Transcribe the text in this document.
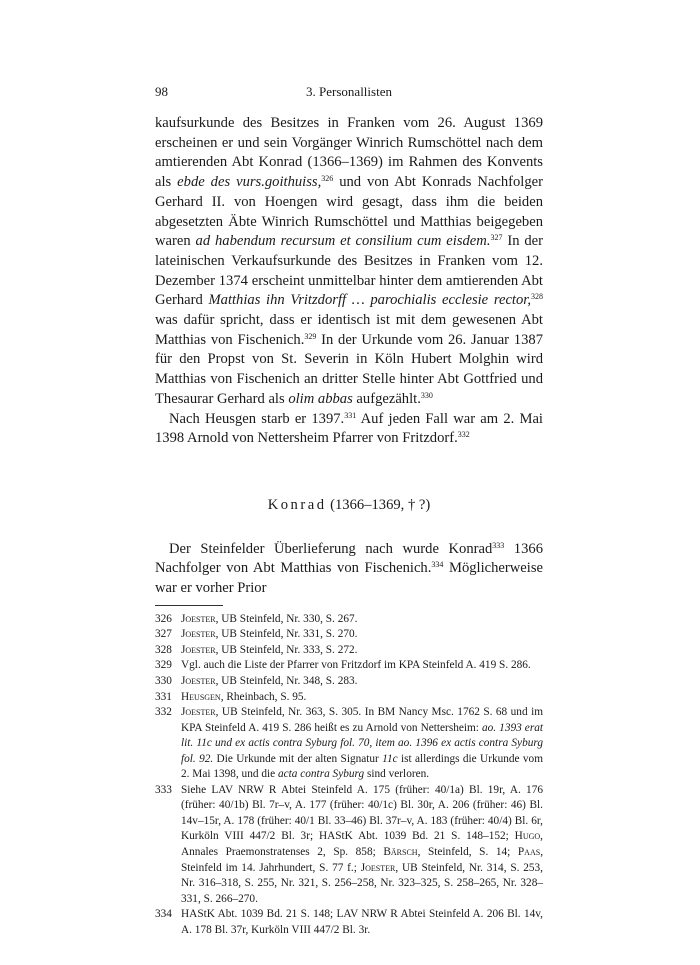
98	3. Personallisten

kaufsurkunde des Besitzes in Franken vom 26. August 1369 erscheinen er und sein Vorgänger Winrich Rumschöttel nach dem amtierenden Abt Konrad (1366–1369) im Rahmen des Konvents als ebde des vurs.goithuiss,$^{326}$ und von Abt Konrads Nachfolger Gerhard II. von Hoengen wird gesagt, dass ihm die beiden abgesetzten Äbte Winrich Rumschöttel und Matthias beigegeben waren ad habendum recursum et consilium cum eisdem.$^{327}$ In der lateinischen Verkaufsurkunde des Besitzes in Franken vom 12. Dezember 1374 erscheint unmittelbar hinter dem amtierenden Abt Gerhard Matthias ihn Vritzdorff … parochialis ecclesie rector,$^{328}$ was dafür spricht, dass er identisch ist mit dem gewesenen Abt Matthias von Fischenich.$^{329}$ In der Urkunde vom 26. Januar 1387 für den Propst von St. Severin in Köln Hubert Molghin wird Matthias von Fischenich an dritter Stelle hinter Abt Gottfried und Thesaurar Gerhard als olim abbas aufgezählt.$^{330}$

Nach Heusgen starb er 1397.$^{331}$ Auf jeden Fall war am 2. Mai 1398 Arnold von Nettersheim Pfarrer von Fritzdorf.$^{332}$

Konrad (1366–1369, † ?)

Der Steinfelder Überlieferung nach wurde Konrad$^{333}$ 1366 Nachfolger von Abt Matthias von Fischenich.$^{334}$ Möglicherweise war er vorher Prior

326 Joester, UB Steinfeld, Nr. 330, S. 267.
327 Joester, UB Steinfeld, Nr. 331, S. 270.
328 Joester, UB Steinfeld, Nr. 333, S. 272.
329 Vgl. auch die Liste der Pfarrer von Fritzdorf im KPA Steinfeld A. 419 S. 286.
330 Joester, UB Steinfeld, Nr. 348, S. 283.
331 Heusgen, Rheinbach, S. 95.
332 Joester, UB Steinfeld, Nr. 363, S. 305. In BM Nancy Msc. 1762 S. 68 und im KPA Steinfeld A. 419 S. 286 heißt es zu Arnold von Nettersheim: ao. 1393 erat lit. 11c und ex actis contra Syburg fol. 70, item ao. 1396 ex actis contra Syburg fol. 92. Die Urkunde mit der alten Signatur 11c ist allerdings die Urkunde vom 2. Mai 1398, und die acta contra Syburg sind verloren.
333 Siehe LAV NRW R Abtei Steinfeld A. 175 (früher: 40/1a) Bl. 19r, A. 176 (früher: 40/1b) Bl. 7r–v, A. 177 (früher: 40/1c) Bl. 30r, A. 206 (früher: 46) Bl. 14v–15r, A. 178 (früher: 40/1 Bl. 33–46) Bl. 37r–v, A. 183 (früher: 40/4) Bl. 6r, Kurköln VIII 447/2 Bl. 3r; HAStK Abt. 1039 Bd. 21 S. 148–152; Hugo, Annales Praemonstratenses 2, Sp. 858; Bärsch, Steinfeld, S. 14; Paas, Steinfeld im 14. Jahrhundert, S. 77 f.; Joester, UB Steinfeld, Nr. 314, S. 253, Nr. 316–318, S. 255, Nr. 321, S. 256–258, Nr. 323–325, S. 258–265, Nr. 328–331, S. 266–270.
334 HAStK Abt. 1039 Bd. 21 S. 148; LAV NRW R Abtei Steinfeld A. 206 Bl. 14v, A. 178 Bl. 37r, Kurköln VIII 447/2 Bl. 3r.
